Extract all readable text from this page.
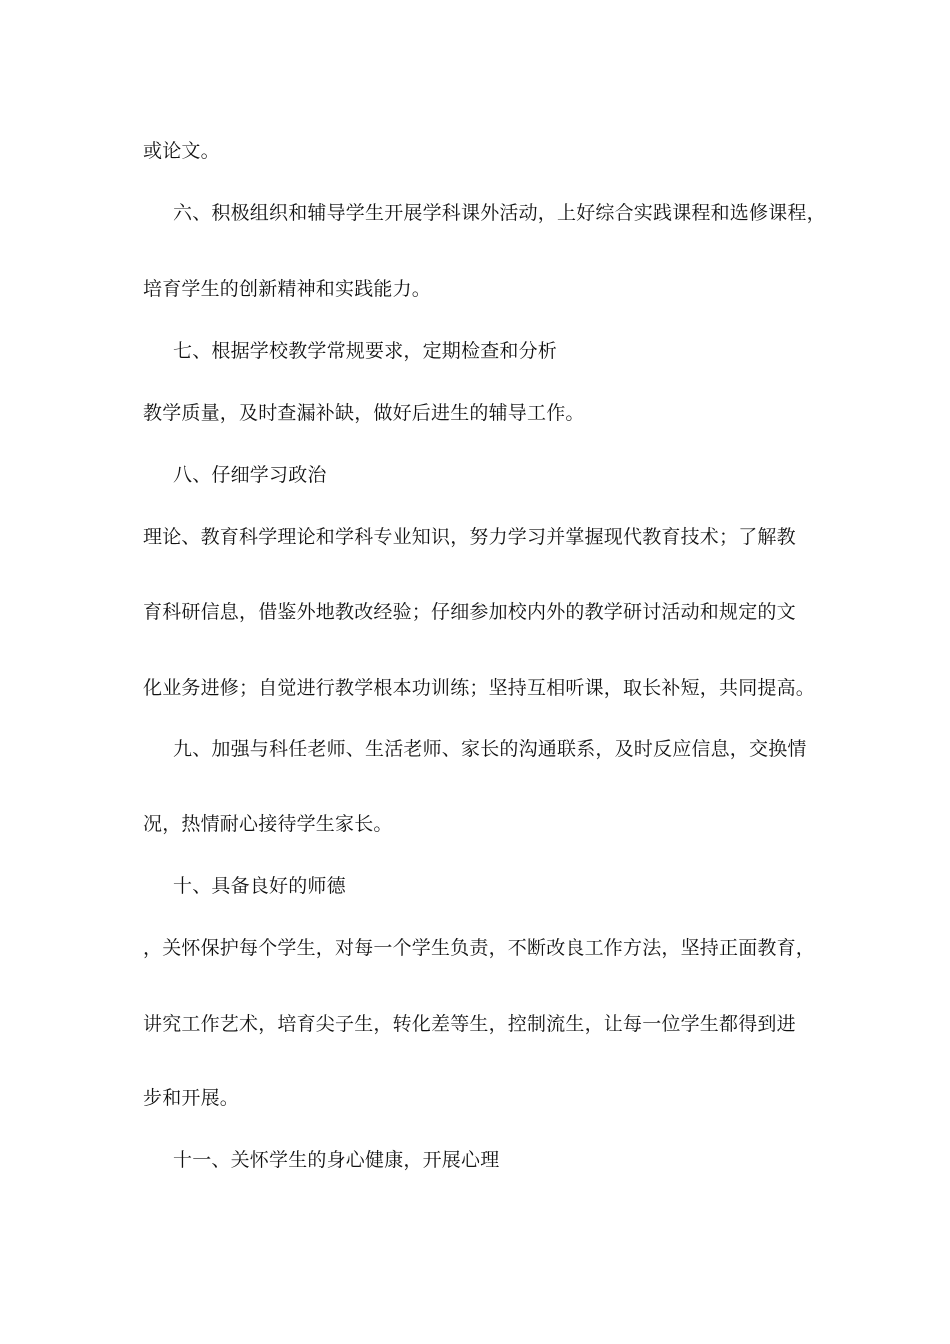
或论文。
六、积极组织和辅导学生开展学科课外活动，上好综合实践课程和选修课程，
培育学生的创新精神和实践能力。
七、根据学校教学常规要求，定期检查和分析
教学质量，及时查漏补缺，做好后进生的辅导工作。
八、仔细学习政治
理论、教育科学理论和学科专业知识，努力学习并掌握现代教育技术；了解教
育科研信息，借鉴外地教改经验；仔细参加校内外的教学研讨活动和规定的文
化业务进修；自觉进行教学根本功训练；坚持互相听课，取长补短，共同提高。
九、加强与科任老师、生活老师、家长的沟通联系，及时反应信息，交换情
况，热情耐心接待学生家长。
十、具备良好的师德
，关怀保护每个学生，对每一个学生负责，不断改良工作方法，坚持正面教育，
讲究工作艺术，培育尖子生，转化差等生，控制流生，让每一位学生都得到进
步和开展。
十一、关怀学生的身心健康，开展心理
